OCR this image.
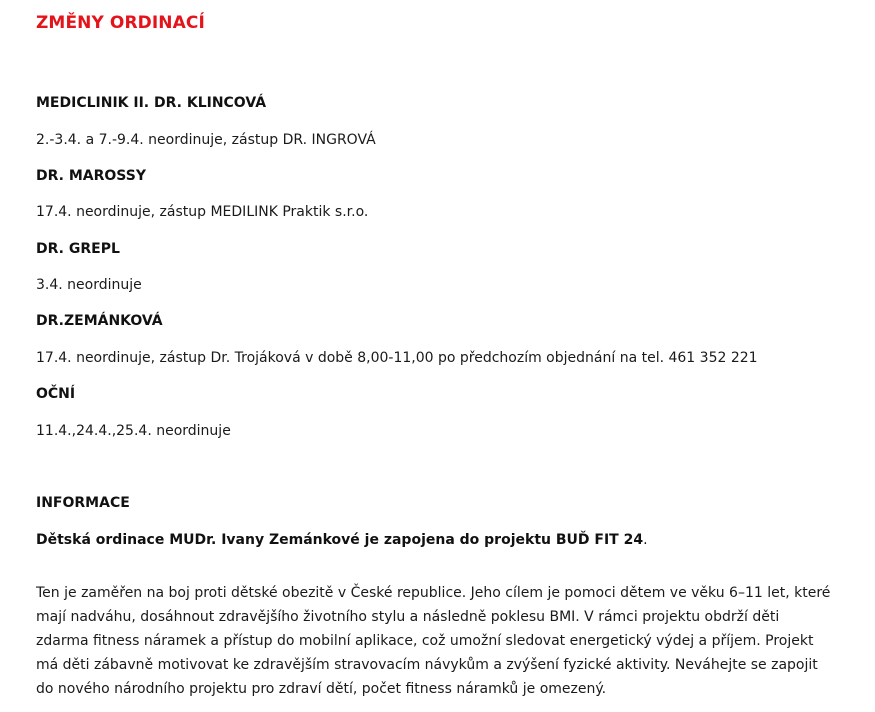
ZMĚNY ORDINACÍ

MEDICLINIK II. DR. KLINCOVÁ

2.-3.4. a 7.-9.4. neordinuje, zástup DR. INGROVÁ

DR. MAROSSY

17.4. neordinuje, zástup MEDILINK Praktik s.r.o.

DR. GREPL

3.4. neordinuje

DR.ZEMÁNKOVÁ

17.4. neordinuje, zástup Dr. Trojáková v době 8,00-11,00 po předchozím objednání na tel. 461 352 221

OČNÍ

11.4.,24.4.,25.4. neordinuje

INFORMACE

Dětská ordinace MUDr. Ivany Zemánkové je zapojena do projektu BUĎ FIT 24.

Ten je zaměřen na boj proti dětské obezitě v České republice. Jeho cílem je pomoci dětem ve věku 6–11 let, které mají nadváhu, dosáhnout zdravějšího životního stylu a následně poklesu BMI. V rámci projektu obdrží děti zdarma fitness náramek a přístup do mobilní aplikace, což umožní sledovat energetický výdej a příjem. Projekt má děti zábavně motivovat ke zdravějším stravovacím návykům a zvýšení fyzické aktivity. Neváhejte se zapojit do nového národního projektu pro zdraví dětí, počet fitness náramků je omezený.
